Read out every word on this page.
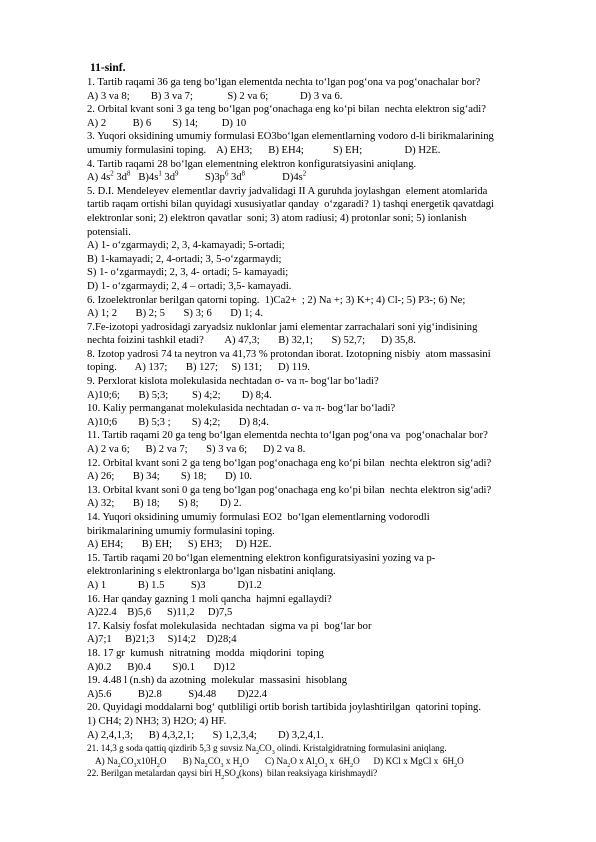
11-sinf.
1. Tartib raqami 36 ga teng bo‘lgan elementda nechta to‘lgan pog‘ona va pog‘onachalar bor?
A) 3 va 8;        B) 3 va 7;             S) 2 va 6;            D) 3 va 6.
2. Orbital kvant soni 3 ga teng bo‘lgan pog‘onachaga eng ko‘pi bilan  nechta elektron sig‘adi?
A) 2          B) 6        S) 14;         D) 10
3. Yuqori oksidining umumiy formulasi EO3bo‘lgan elementlarning vodoro d-li birikmalarining
umumiy formulasini toping.    A) EH3;      B) EH4;           S) EH;                D) H2E.
4. Tartib raqami 28 bo‘lgan elementning elektron konfiguratsiyasini aniqlang.
A) $4s^2$ $3d^8$   $B)4s^1$ $3d^9$          $S)3p^6$ $3d^8$              $D)4s^2$
5. D.I. Mendeleyev elementlar davriy jadvalidagi II A guruhda joylashgan  element atomlarida
tartib raqam ortishi bilan quyidagi xususiyatlar qanday  o‘zgaradi? 1) tashqi energetik qavatdagi
elektronlar soni; 2) elektron qavatlar  soni; 3) atom radiusi; 4) protonlar soni; 5) ionlanish
potensiali.
A) 1- o‘zgarmaydi; 2, 3, 4-kamayadi; 5-ortadi;
B) 1-kamayadi; 2, 4-ortadi; 3, 5-o‘zgarmaydi;
S) 1- o‘zgarmaydi; 2, 3, 4- ortadi; 5- kamayadi;
D) 1- o‘zgarmaydi; 2, 4 – ortadi; 3,5- kamayadi.
6. Izoelektronlar berilgan qatorni toping.  1)Ca2+  ; 2) Na +; 3) K+; 4) Cl-; 5) P3-; 6) Ne;
A) 1; 2       B) 2; 5       S) 3; 6       D) 1; 4.
7.Fe-izotopi yadrosidagi zaryadsiz nuklonlar jami elementar zarrachalari soni yig‘indisining
nechta foizini tashkil etadi?        A) 47,3;       B) 32,1;       S) 52,7;      D) 35,8.
8. Izotop yadrosi 74 ta neytron va 41,73 % protondan iborat. Izotopning nisbiy  atom massasini
toping.       A) 137;       B) 127;     S) 131;      D) 119.
9. Perxlorat kislota molekulasida nechtadan σ- va π- bog‘lar bo‘ladi?
A)10;6;       B) 5;3;         S) 4;2;        D) 8;4.
10. Kaliy permanganat molekulasida nechtadan σ- va π- bog‘lar bo‘ladi?
A)10;6        B) 5;3 ;        S) 4;2;       D) 8;4.
11. Tartib raqami 20 ga teng bo‘lgan elementda nechta to‘lgan pog‘ona va  pog‘onachalar bor?
A) 2 va 6;      B) 2 va 7;       S) 3 va 6;      D) 2 va 8.
12. Orbital kvant soni 2 ga teng bo‘lgan pog‘onachaga eng ko‘pi bilan  nechta elektron sig‘adi?
A) 26;       B) 34;        S) 18;       D) 10.
13. Orbital kvant soni 0 ga teng bo‘lgan pog‘onachaga eng ko‘pi bilan  nechta elektron sig‘adi?
A) 32;       B) 18;       S) 8;        D) 2.
14. Yuqori oksidining umumiy formulasi EO2  bo‘lgan elementlarning vodorodli
birikmalarining umumiy formulasini toping.
A) EH4;       B) EH;      S) EH3;     D) H2E.
15. Tartib raqami 20 bo‘lgan elementning elektron konfiguratsiyasini yozing va p-
elektronlarining s elektronlarga bo‘lgan nisbatini aniqlang.
A) 1            B) 1.5          S)3            D)1.2
16. Har qanday gazning 1 moli qancha  hajmni egallaydi?
A)22.4    B)5,6      S)11,2     D)7,5
17. Kalsiy fosfat molekulasida  nechtadan  sigma va pi  bog‘lar bor
A)7;1     B)21;3     S)14;2    D)28;4
18. 17 gr  kumush  nitratning  modda  miqdorini  toping
A)0.2      B)0.4        S)0.1       D)12
19. 4.48 l (n.sh) da azotning  molekular  massasini  hisoblang
A)5.6          B)2.8          S)4.48        D)22.4
20. Quyidagi moddalarni bog‘ qutbliligi ortib borish tartibida joylashtirilgan  qatorini toping.
1) CH4; 2) NH3; 3) H2O; 4) HF.
A) 2,4,1,3;      B) 4,3,2,1;       S) 1,2,3,4;        D) 3,2,4,1.
21. 14,3 g soda qattiq qizdirib 5,3 g suvsiz $Na_2CO_3$ olindi. Kristalgidratning formulasini aniqlang.
A) $Na_2CO_3x10H_2O$       B) $Na_2CO_3$ x $H_2O$       C) $Na_2O$ x $Al_2O_3$ x  $6H_2O$      D) KCl x MgCl x  $6H_2O$
22. Berilgan metalardan qaysi biri $H_2SO_4(kons)$  bilan reaksiyaga kirishmaydi?
